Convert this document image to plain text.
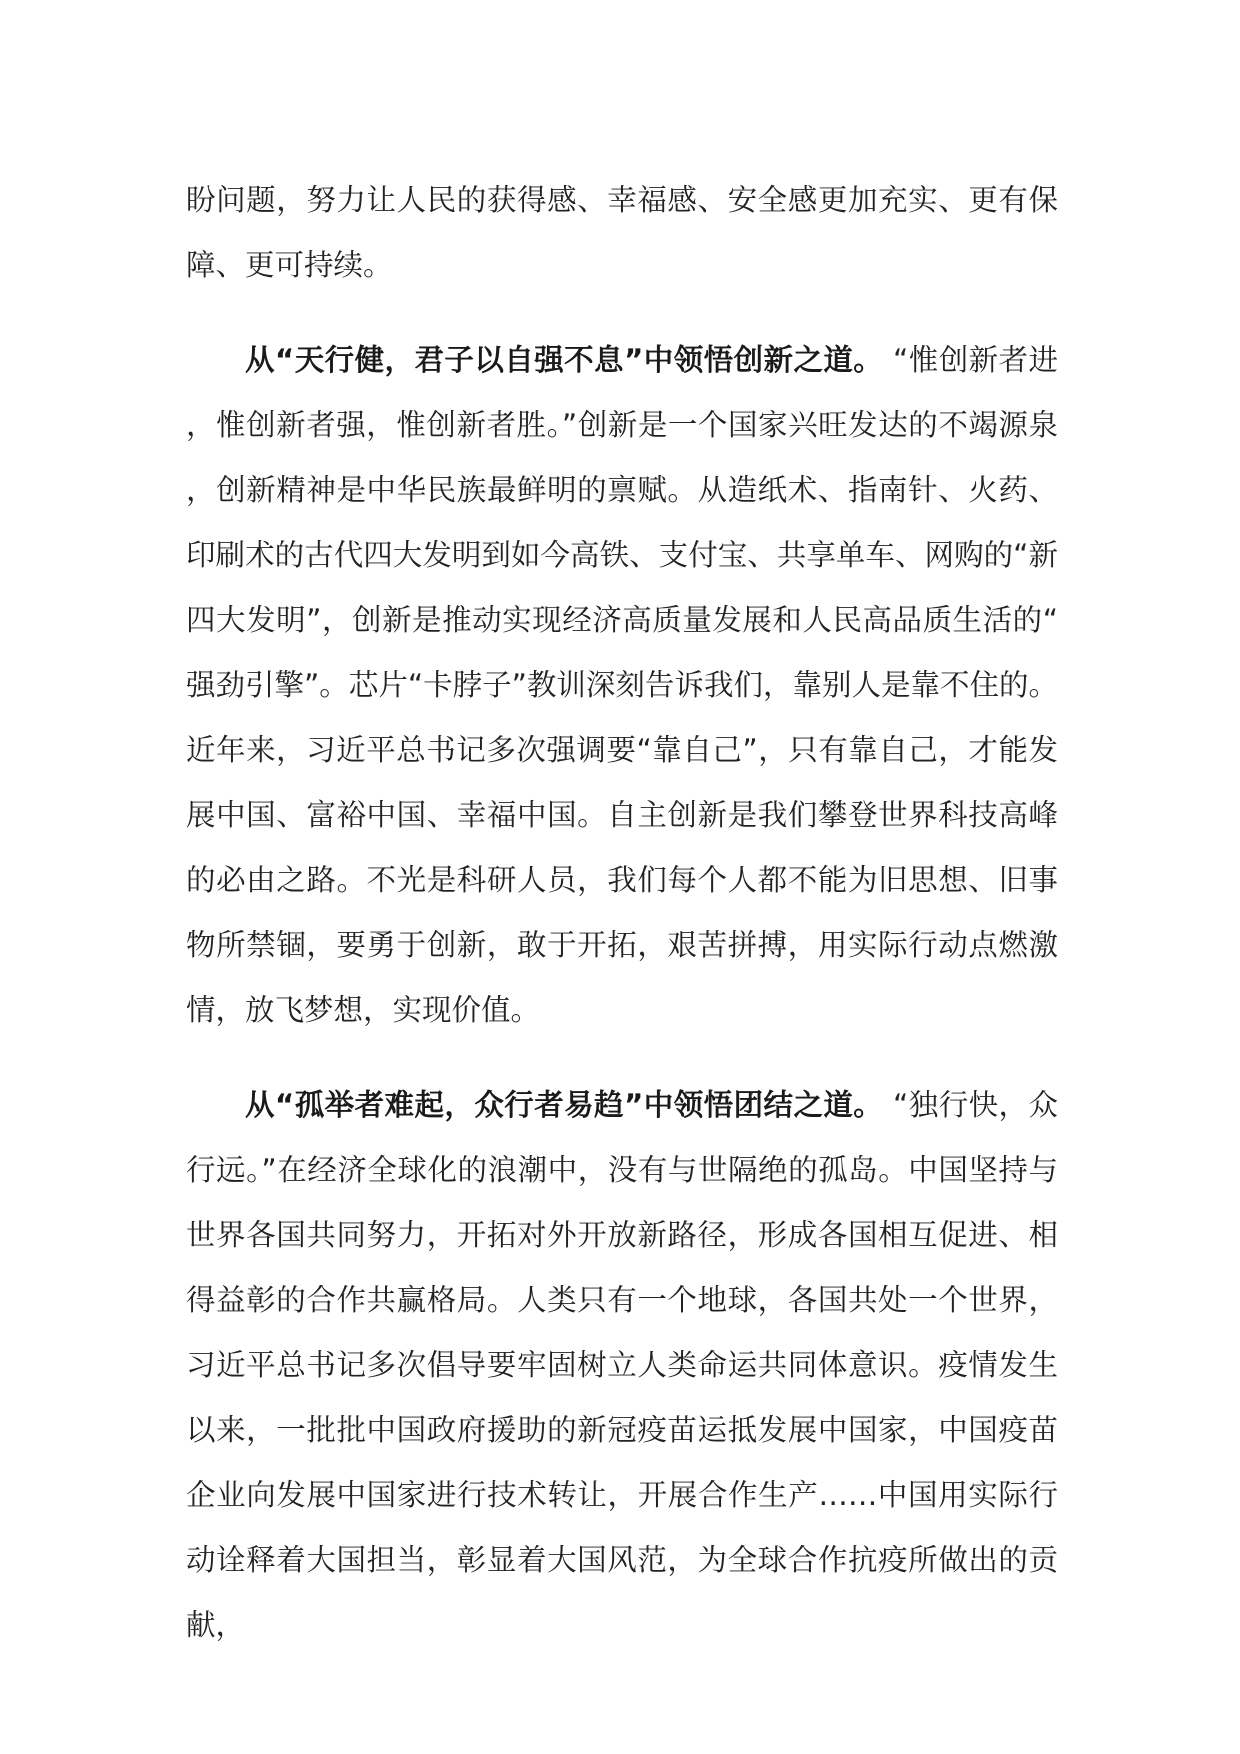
盼问题，努力让人民的获得感、幸福感、安全感更加充实、更有保障、更可持续。

从“天行健，君子以自强不息”中领悟创新之道。 “惟创新者进，惟创新者强，惟创新者胜。”创新是一个国家兴旺发达的不竭源泉，创新精神是中华民族最鲜明的禀赋。从造纸术、指南针、火药、印刷术的古代四大发明到如今高铁、支付宝、共享单车、网购的“新四大发明”，创新是推动实现经济高质量发展和人民高品质生活的“强劲引擎”。芯片“卡脖子”教训深刻告诉我们，靠别人是靠不住的。近年来，习近平总书记多次强调要“靠自己”，只有靠自己，才能发展中国、富裕中国、幸福中国。自主创新是我们攀登世界科技高峰的必由之路。不光是科研人员，我们每个人都不能为旧思想、旧事物所禁锢，要勇于创新，敢于开拓，艰苦拼搏，用实际行动点燃激情，放飞梦想，实现价值。

从“孤举者难起，众行者易趋”中领悟团结之道。 “独行快，众行远。”在经济全球化的浪潮中，没有与世隔绝的孤岛。中国坚持与世界各国共同努力，开拓对外开放新路径，形成各国相互促进、相得益彰的合作共赢格局。人类只有一个地球，各国共处一个世界，习近平总书记多次倡导要牢固树立人类命运共同体意识。疫情发生以来，一批批中国政府援助的新冠疫苗运抵发展中国家，中国疫苗企业向发展中国家进行技术转让，开展合作生产……中国用实际行动诠释着大国担当，彰显着大国风范，为全球合作抗疫所做出的贡献，
